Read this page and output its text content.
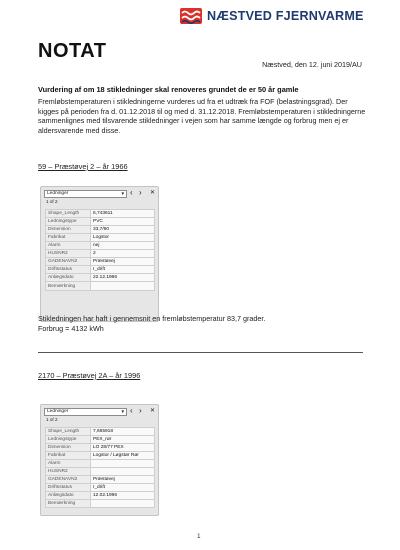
NÆSTVED FJERNVARME
NOTAT
Næstved, den 12. juni 2019/AU
Vurdering af om 18 stikledninger skal renoveres grundet de er 50 år gamle
Fremløbstemperaturen i stikledningerne vurderes ud fra et udtræk fra FOF (belastningsgrad). Der kigges på perioden fra d. 01.12.2018 til og med d. 31.12.2018. Fremløbstemperaturen i stikledningerne sammenlignes med tilsvarende stikledninger i vejen som har samme længde og forbrug men ej er aldersvarende med disse.
59 – Præstøvej 2 – år 1966
Ledninger	▼
1 of 2
‹ › ✕
Shape_Length	6,743611
Ledningstype	PVC
Dimension	33,7/90
Fabrikat	Logstor
Alarm	nej
HUSNR2	2
GADENAVN2	Præstøvej
Driftsstatus	I_drift
Anlægsdato	22.12.1966
Bemærkning	
Stikledningen har haft i gennemsnit en fremløbstemperatur 83,7 grader.
Forbrug = 4132 kWh
2170 – Præstøvej 2A – år 1996
Ledninger	▼
1 of 2
‹ › ✕
Shape_Length	7,665918
Ledningstype	PEX_rør
Dimension	LO 28/77 PEX
Fabrikat	Logstor / Løgstør Rør
Alarm	
HUSNR2	
GADENAVN2	Præstøvej
Driftsstatus	I_drift
Anlægsdato	12.02.1996
Bemærkning	
1
